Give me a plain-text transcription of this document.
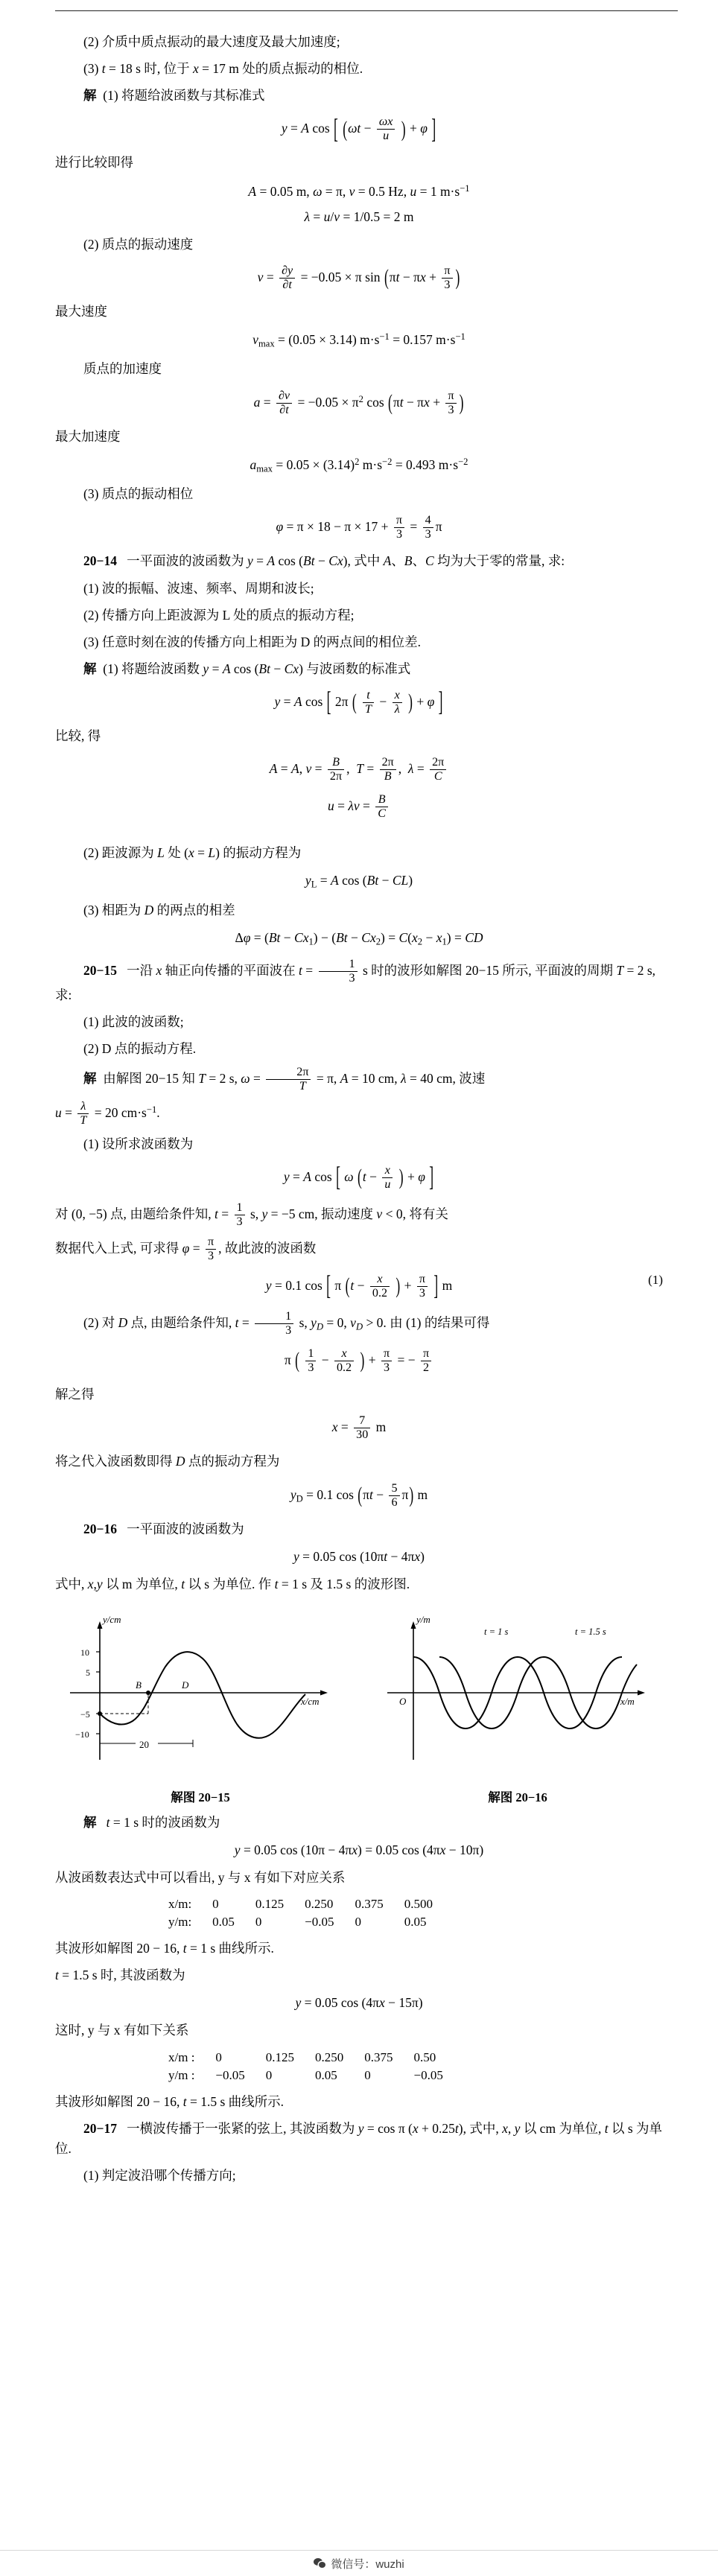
(2) 介质中质点振动的最大速度及最大加速度;
(3) t = 18 s 时, 位于 x = 17 m 处的质点振动的相位.
解  (1) 将题给波函数与其标准式
y = A cos [ ($\omega t - \frac{\omega x}{u}$ ) + φ ]
进行比较即得
A = 0.05 m, ω = π, ν = 0.5 Hz, u = 1 $m\cdot s^{-1}$
λ = u/ν = 1/0.5 = 2 m
(2) 质点的振动速度
$v = \frac{\partial y}{\partial t} = -0.05 \times \pi$ $\sin (\pi t - \pi x + \frac{\pi}{3}$ )
最大速度
$v_{max} = (0.05 \times 3.14) m\cdot s^{-1} = 0.157$ $m\cdot s^{-1}$
质点的加速度
$a = \frac{\partial v}{\partial t} = -0.05 \times \pi^2$ $\cos (\pi t - \pi x + \frac{\pi}{3}$ )
最大加速度
$a_{max} = 0.05 \times (3.14)^2$ $m\cdot s^{-2} = 0.493$ $m\cdot s^{-2}$
(3) 质点的振动相位
$\varphi = \pi \times 18 - \pi \times 17 + \frac{\pi}{3} = \frac{4}{3}$ π
20−14   一平面波的波函数为 y = A cos (Bt − Cx), 式中 A、B、C 均为大于零的常量, 求:
(1) 波的振幅、波速、频率、周期和波长;
(2) 传播方向上距波源为 L 处的质点的振动方程;
(3) 任意时刻在波的传播方向上相距为 D 的两点间的相位差.
解  (1) 将题给波函数 y = A cos (Bt − Cx) 与波函数的标准式
y = A cos [ 2π ( $\frac{t}{T} - \frac{x}{\lambda}$ ) + φ ]
比较, 得
A = A, $\nu = \frac{B}{2\pi}$ ,  $T = \frac{2\pi}{B}$ ,  $\lambda = \frac{2\pi}{C}$
$u = \lambda\nu = \frac{B}{C}$
(2) 距波源为 L 处 (x = L) 的振动方程为
$y_L = A$ cos (Bt − CL)
(3) 相距为 D 的两点的相差
$\Delta\varphi = (Bt - Cx_1) - (Bt - Cx_2) = C(x_2 - x_1)$ = CD
20−15   一沿 x 轴正向传播的平面波在 $t = \frac{1}{3}$ s 时的波形如解图 20−15 所示, 平面波的周期 T = 2 s, 求:
(1) 此波的波函数;
(2) D 点的振动方程.
解  由解图 20−15 知 T = 2 s, $\omega = \frac{2\pi}{T} = \pi$, A = 10 cm, λ = 40 cm, 波速
$u = \frac{\lambda}{T} = 20$ $cm\cdot s^{-1}$.
(1) 设所求波函数为
y = A cos [ ω ($t - \frac{x}{u}$ ) + φ ]
对 (0, −5) 点, 由题给条件知, $t = \frac{1}{3} s$, y = −5 cm, 振动速度 v < 0, 将有关
数据代入上式, 可求得 $\varphi = \frac{\pi}{3}$ , 故此波的波函数
y = 0.1 cos [ π ($t - \frac{x}{0.2}$ ) + $\frac{\pi}{3}$ ] m	(1)
(2) 对 D 点, 由题给条件知, $t = \frac{1}{3} s$, $y_D = 0$, $v_D > 0$. 由 (1) 的结果可得
π ( $\frac{1}{3} - \frac{x}{0.2}$ ) + $\frac{\pi}{3}$ = − $\frac{\pi}{2}$
解之得
$x = \frac{7}{30}$ m
将之代入波函数即得 D 点的振动方程为
$y_D = 0.1$ $\cos (\pi t - \frac{5}{6} \pi)$ m
20−16 一平面波的波函数为
y = 0.05 cos (10πt − 4πx)
式中, x,y 以 m 为单位, t 以 s 为单位. 作 t = 1 s 及 1.5 s 的波形图.
y/cm
x/cm
10
5
−5
−10
B	D
20
解图 20−15
y/m
x/m
O
t = 1 s	t = 1.5 s
解图 20−16
解 t = 1 s 时的波函数为
y = 0.05 cos (10π − 4πx) = 0.05 cos (4πx − 10π)
从波函数表达式中可以看出, y 与 x 有如下对应关系
x/m:	0	0.125	0.250	0.375	0.500
y/m:	0.05	0	−0.05	0	0.05
其波形如解图 20 − 16, t = 1 s 曲线所示.
t = 1.5 s 时, 其波函数为
y = 0.05 cos (4πx − 15π)
这时, y 与 x 有如下关系
x/m :	0	0.125	0.250	0.375	0.50
y/m :	−0.05	0	0.05	0	−0.05
其波形如解图 20 − 16, t = 1.5 s 曲线所示.
20−17   一横波传播于一张紧的弦上, 其波函数为 y = cos π (x + 0.25t), 式中, x, y 以 cm 为单位, t 以 s 为单位.
(1) 判定波沿哪个传播方向;
微信号：wuzhi
